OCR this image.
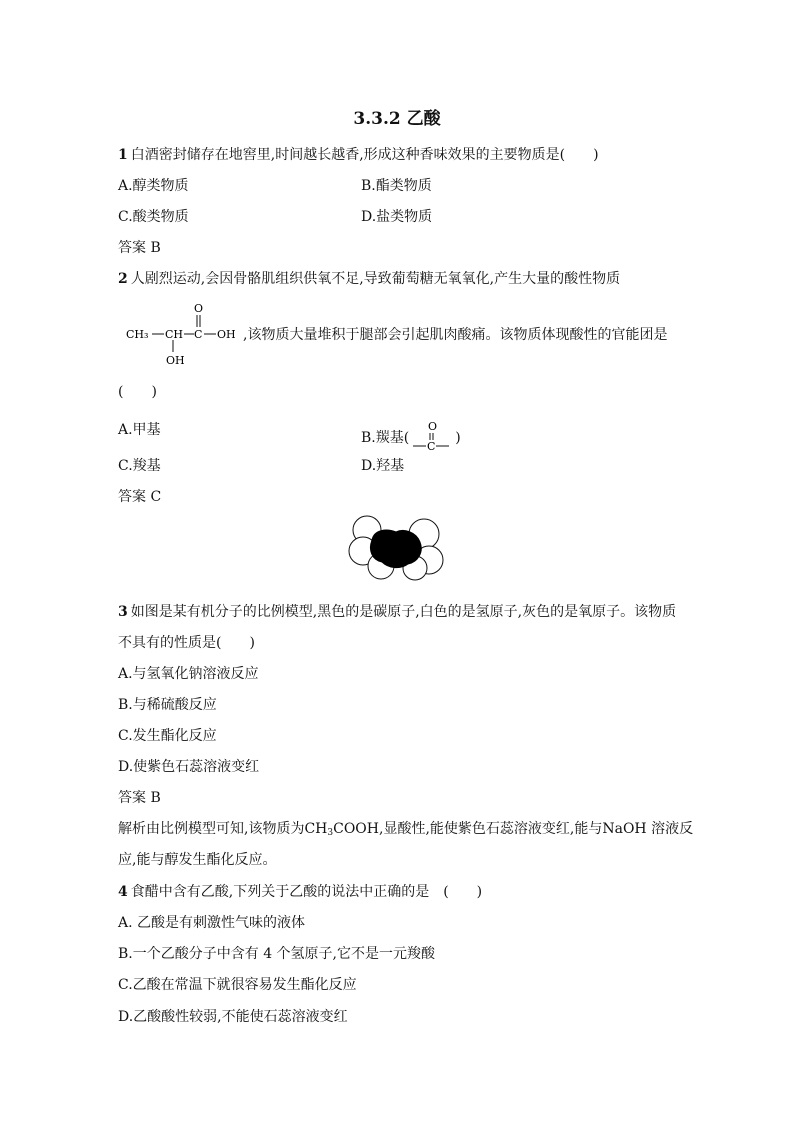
3.3.2 乙酸
1 白酒密封储存在地窖里,时间越长越香,形成这种香味效果的主要物质是(　　)
A.醇类物质	B.酯类物质
C.酸类物质	D.盐类物质
答案 B
2 人剧烈运动,会因骨骼肌组织供氧不足,导致葡萄糖无氧氧化,产生大量的酸性物质
CH₃ CH C OH
O
OH
,该物质大量堆积于腿部会引起肌肉酸痛。该物质体现酸性的官能团是
(　　)
A.甲基	B.羰基(
O
C
)
C.羧基	D.羟基
答案 C
3 如图是某有机分子的比例模型,黑色的是碳原子,白色的是氢原子,灰色的是氧原子。该物质
不具有的性质是(　　)
A.与氢氧化钠溶液反应
B.与稀硫酸反应
C.发生酯化反应
D.使紫色石蕊溶液变红
答案 B
解析由比例模型可知,该物质为$CH_3COOH$,显酸性,能使紫色石蕊溶液变红,能与NaOH 溶液反
应,能与醇发生酯化反应。
4 食醋中含有乙酸,下列关于乙酸的说法中正确的是　(　　)
A. 乙酸是有刺激性气味的液体
B.一个乙酸分子中含有 4 个氢原子,它不是一元羧酸
C.乙酸在常温下就很容易发生酯化反应
D.乙酸酸性较弱,不能使石蕊溶液变红
